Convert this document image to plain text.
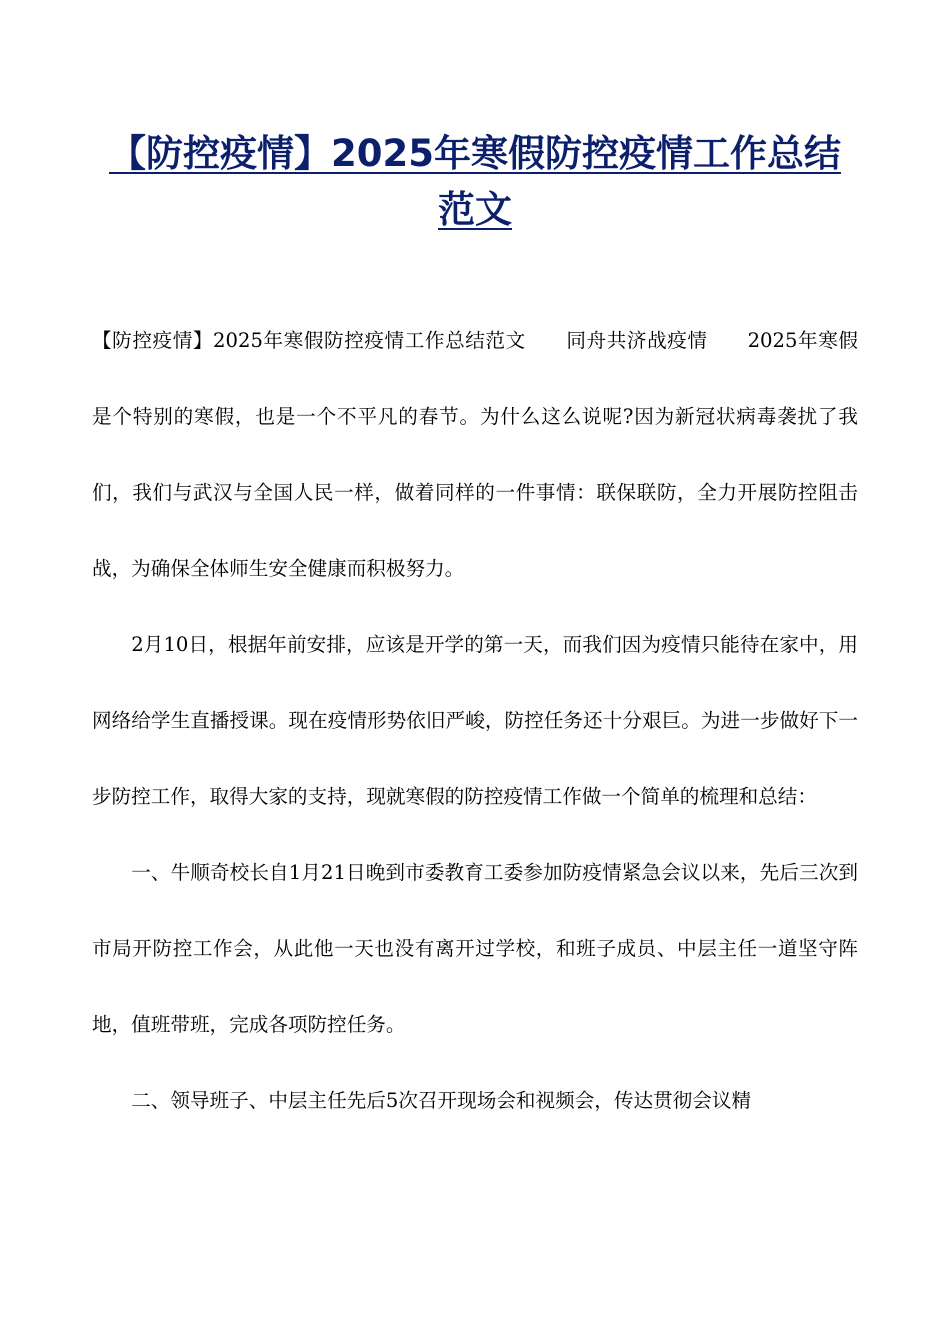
【防控疫情】2025年寒假防控疫情工作总结范文

【防控疫情】2025年寒假防控疫情工作总结范文 同舟共济战疫情 2025年寒假是个特别的寒假，也是一个不平凡的春节。为什么这么说呢?因为新冠状病毒袭扰了我们，我们与武汉与全国人民一样，做着同样的一件事情：联保联防，全力开展防控阻击战，为确保全体师生安全健康而积极努力。

2月10日，根据年前安排，应该是开学的第一天，而我们因为疫情只能待在家中，用网络给学生直播授课。现在疫情形势依旧严峻，防控任务还十分艰巨。为进一步做好下一步防控工作，取得大家的支持，现就寒假的防控疫情工作做一个简单的梳理和总结：

一、牛顺奇校长自1月21日晚到市委教育工委参加防疫情紧急会议以来，先后三次到市局开防控工作会，从此他一天也没有离开过学校，和班子成员、中层主任一道坚守阵地，值班带班，完成各项防控任务。

二、领导班子、中层主任先后5次召开现场会和视频会，传达贯彻会议精
